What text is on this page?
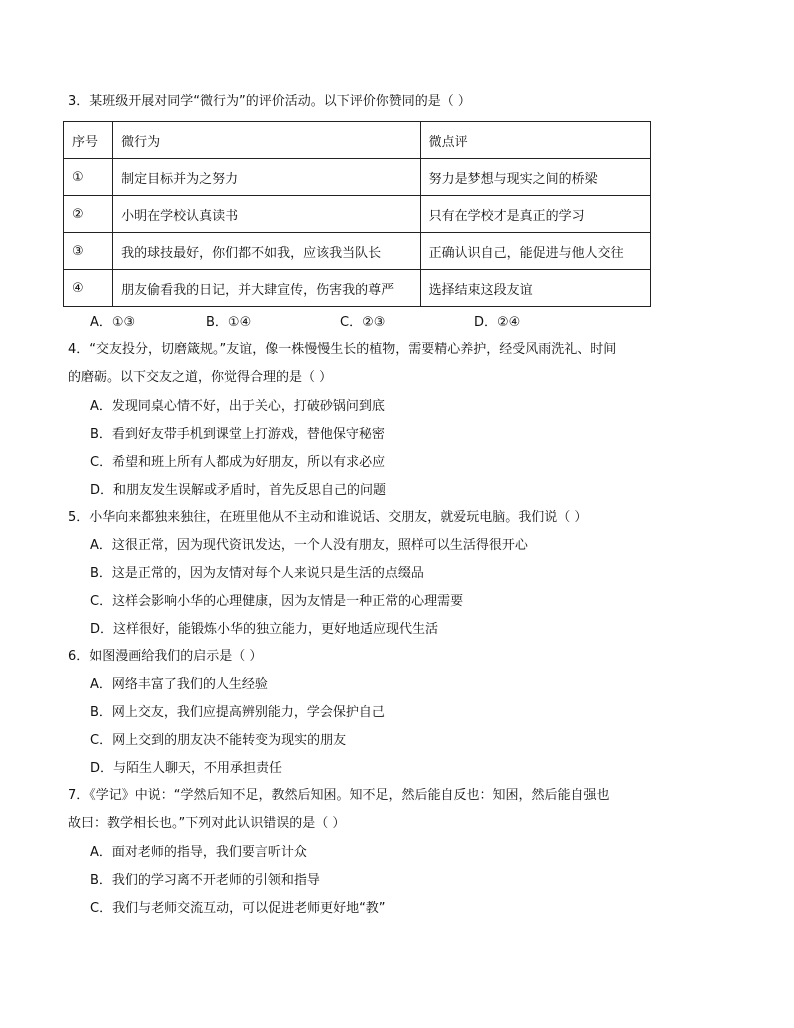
3．某班级开展对同学“微行为”的评价活动。以下评价你赞同的是（ ）
序号	微行为	微点评
①	制定目标并为之努力	努力是梦想与现实之间的桥梁
②	小明在学校认真读书	只有在学校才是真正的学习
③	我的球技最好，你们都不如我，应该我当队长	正确认识自己，能促进与他人交往
④	朋友偷看我的日记，并大肆宣传，伤害我的尊严	选择结束这段友谊
A．①③	B．①④	C．②③	D．②④
4．“交友投分，切磨箴规。”友谊，像一株慢慢生长的植物，需要精心养护，经受风雨洗礼、时间
的磨砺。以下交友之道，你觉得合理的是（ ）
A．发现同桌心情不好，出于关心，打破砂锅问到底
B．看到好友带手机到课堂上打游戏，替他保守秘密
C．希望和班上所有人都成为好朋友，所以有求必应
D．和朋友发生误解或矛盾时，首先反思自己的问题
5．小华向来都独来独往，在班里他从不主动和谁说话、交朋友，就爱玩电脑。我们说（ ）
A．这很正常，因为现代资讯发达，一个人没有朋友，照样可以生活得很开心
B．这是正常的，因为友情对每个人来说只是生活的点缀品
C．这样会影响小华的心理健康，因为友情是一种正常的心理需要
D．这样很好，能锻炼小华的独立能力，更好地适应现代生活
6．如图漫画给我们的启示是（ ）
A．网络丰富了我们的人生经验
B．网上交友，我们应提高辨别能力，学会保护自己
C．网上交到的朋友决不能转变为现实的朋友
D．与陌生人聊天，不用承担责任
7．《学记》中说：“学然后知不足，教然后知困。知不足，然后能自反也：知困，然后能自强也
故曰：教学相长也。”下列对此认识错误的是（ ）
A．面对老师的指导，我们要言听计众
B．我们的学习离不开老师的引领和指导
C．我们与老师交流互动，可以促进老师更好地“教”
